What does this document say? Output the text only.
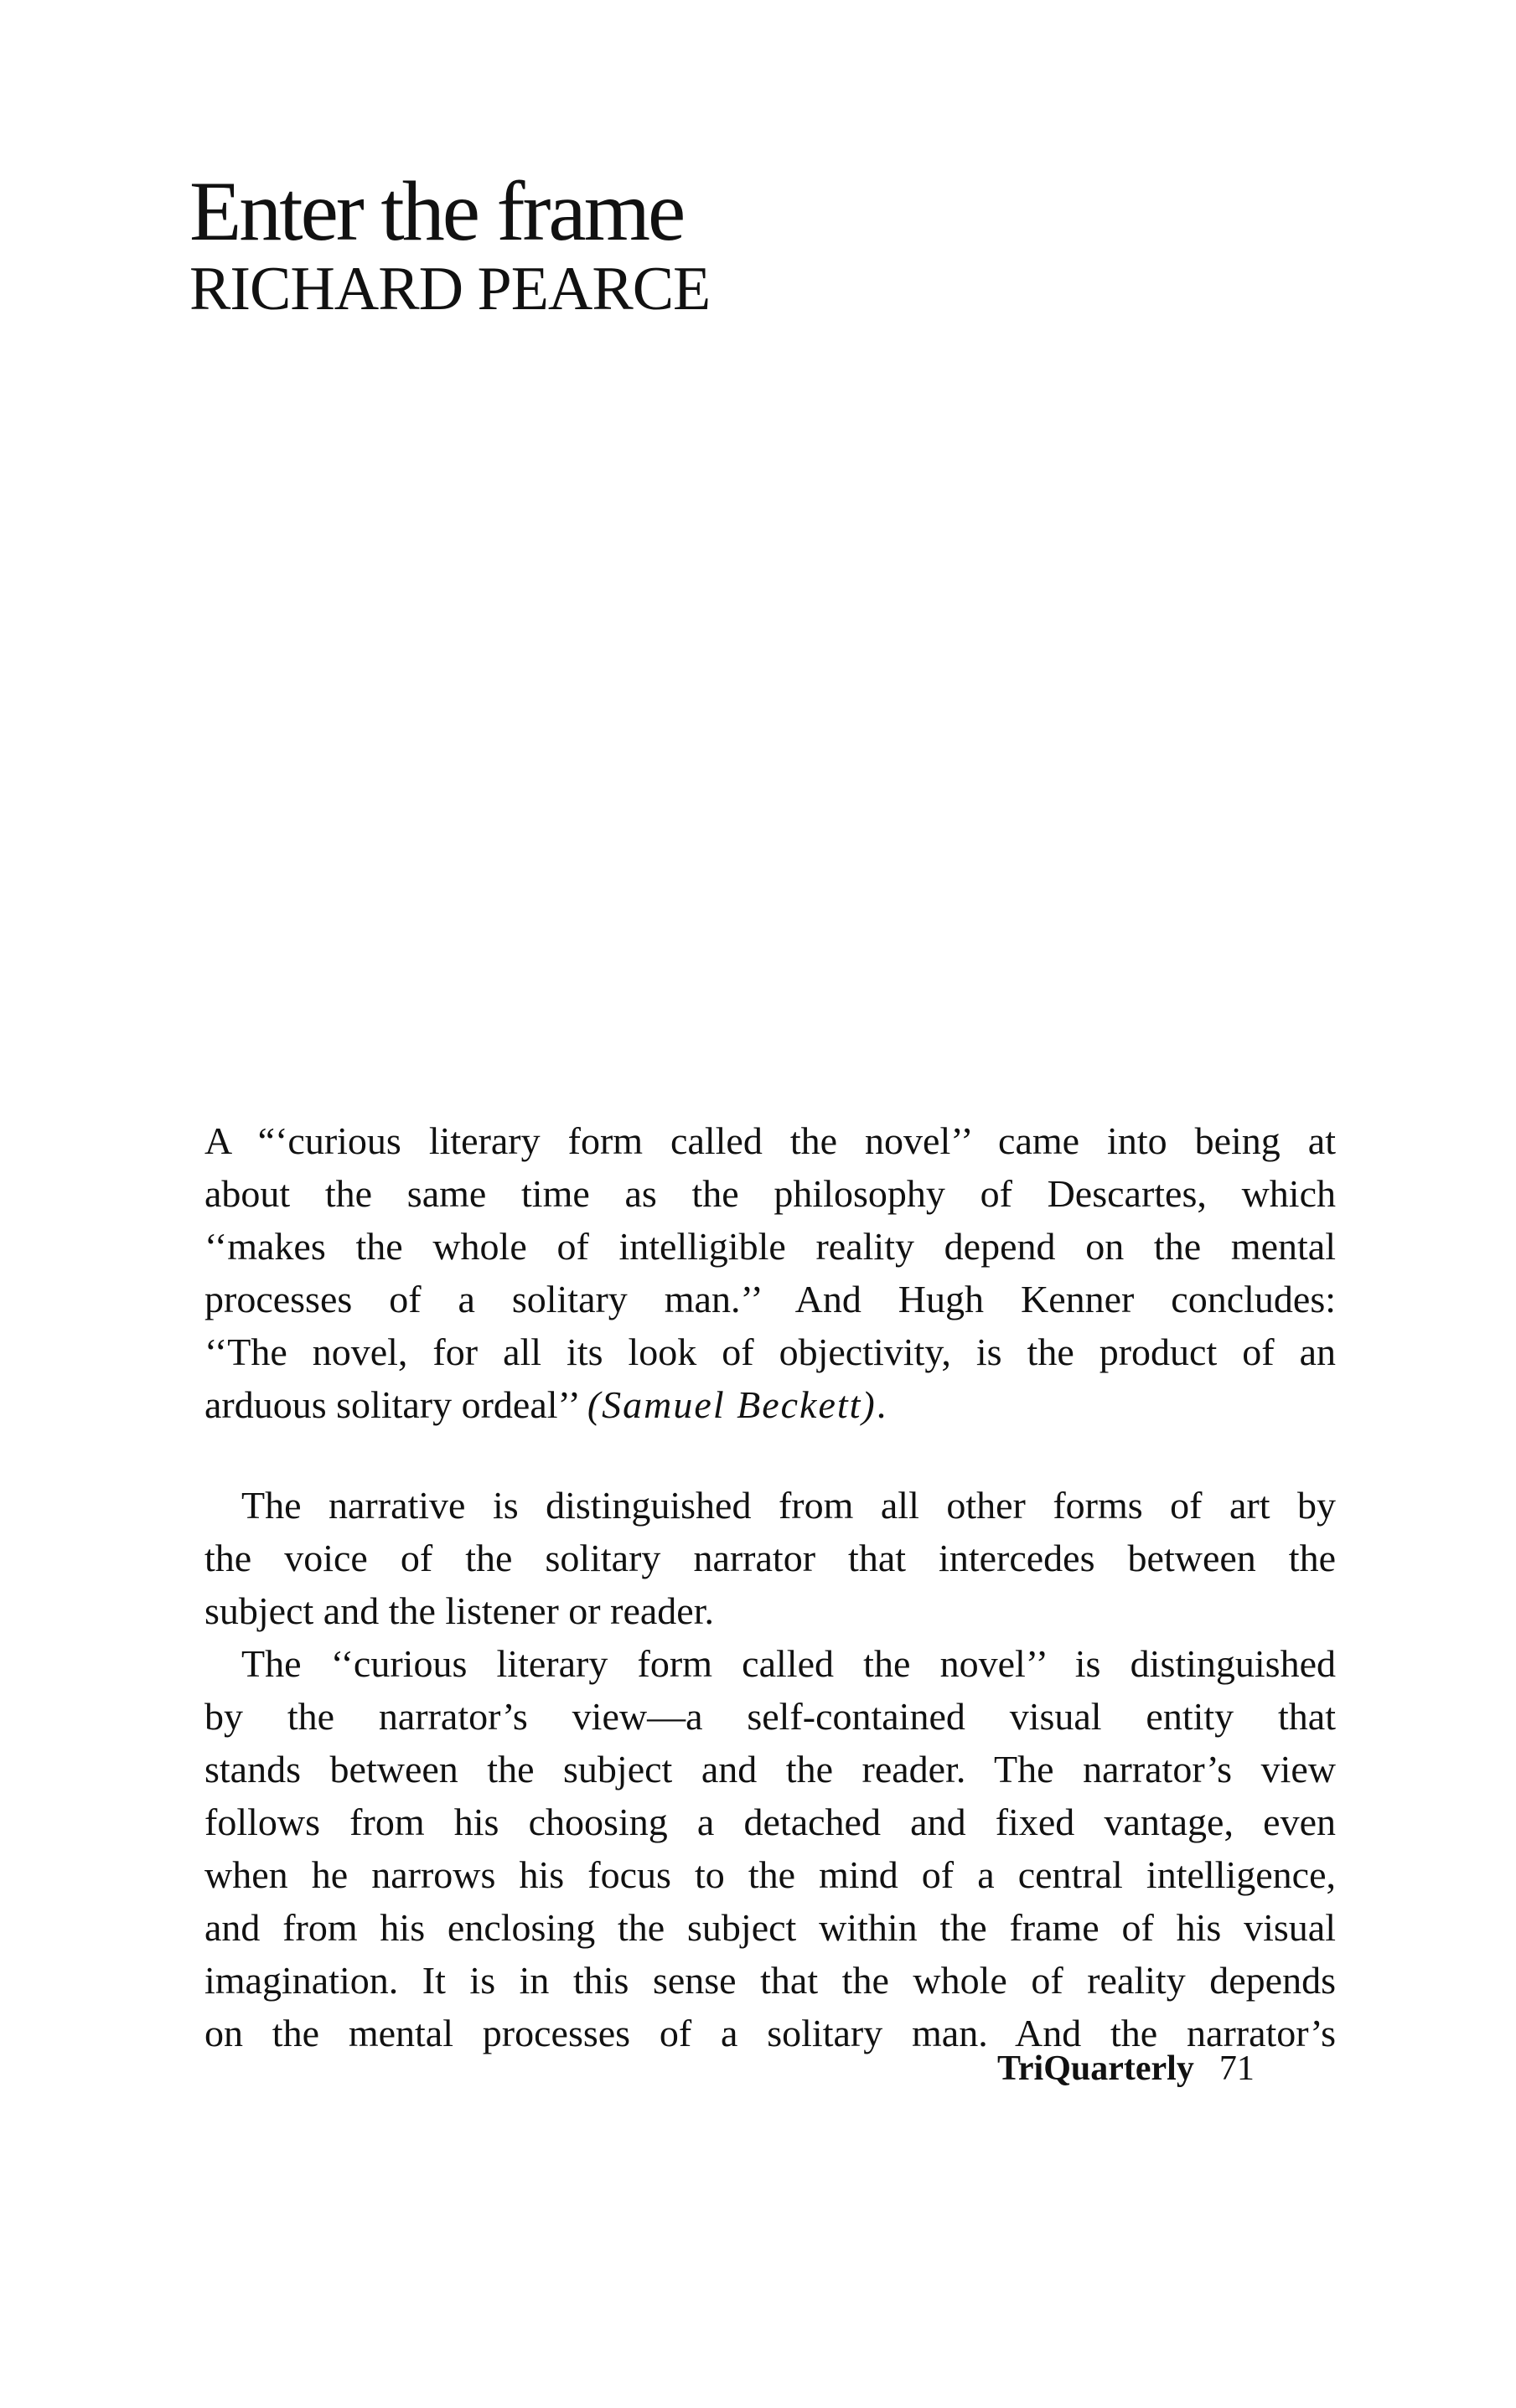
Enter the frame
RICHARD PEARCE
A “‘curious literary form called the novel’’ came into being at
about the same time as the philosophy of Descartes, which
‘‘makes the whole of intelligible reality depend on the mental
processes of a solitary man.’’ And Hugh Kenner concludes:
‘‘The novel, for all its look of objectivity, is the product of an
arduous solitary ordeal’’ (Samuel Beckett).
The narrative is distinguished from all other forms of art by
the voice of the solitary narrator that intercedes between the
subject and the listener or reader.
The ‘‘curious literary form called the novel’’ is distinguished
by the narrator’s view—a self-contained visual entity that
stands between the subject and the reader. The narrator’s view
follows from his choosing a detached and fixed vantage, even
when he narrows his focus to the mind of a central intelligence,
and from his enclosing the subject within the frame of his visual
imagination. It is in this sense that the whole of reality depends
on the mental processes of a solitary man. And the narrator’s
TriQuarterly 71
